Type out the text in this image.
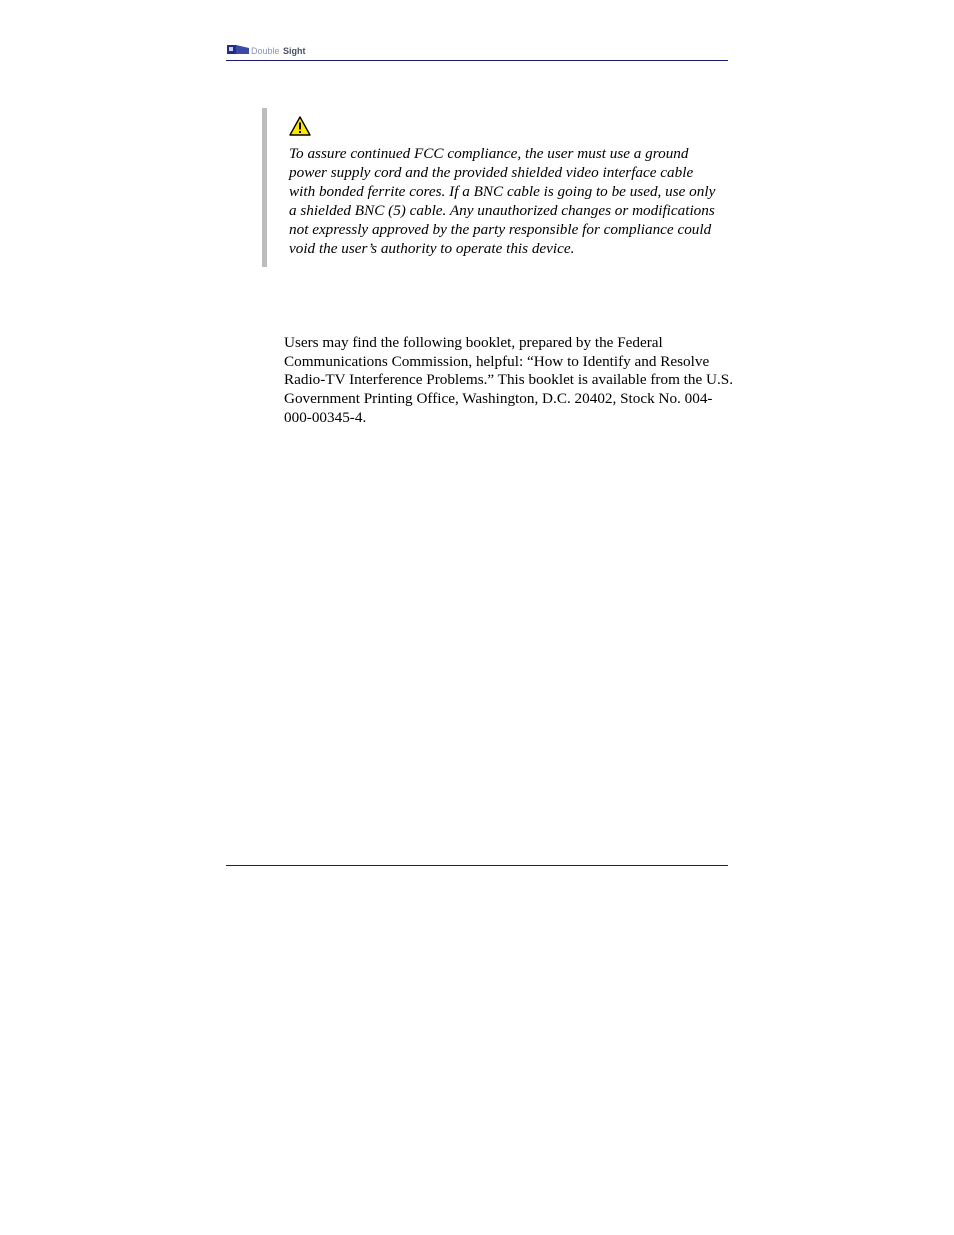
Double Sight

To assure continued FCC compliance, the user must use a ground power supply cord and the provided shielded video interface cable with bonded ferrite cores. If a BNC cable is going to be used, use only a shielded BNC (5) cable. Any unauthorized changes or modifications not expressly approved by the party responsible for compliance could void the user’s authority to operate this device.

Users may find the following booklet, prepared by the Federal Communications Commission, helpful: “How to Identify and Resolve Radio-TV Interference Problems.” This booklet is available from the U.S. Government Printing Office, Washington, D.C. 20402, Stock No. 004-000-00345-4.
